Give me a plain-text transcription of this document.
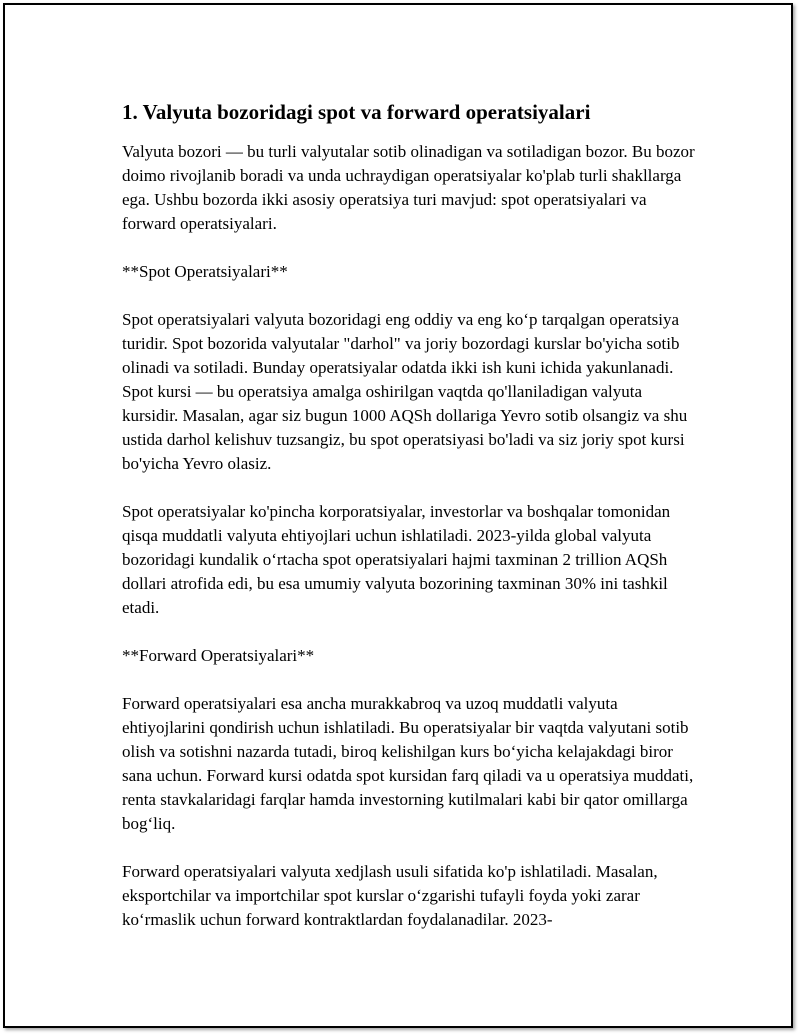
1. Valyuta bozoridagi spot va forward operatsiyalari

Valyuta bozori — bu turli valyutalar sotib olinadigan va sotiladigan bozor. Bu bozor doimo rivojlanib boradi va unda uchraydigan operatsiyalar ko'plab turli shakllarga ega. Ushbu bozorda ikki asosiy operatsiya turi mavjud: spot operatsiyalari va forward operatsiyalari.

**Spot Operatsiyalari**

Spot operatsiyalari valyuta bozoridagi eng oddiy va eng koʻp tarqalgan operatsiya turidir. Spot bozorida valyutalar "darhol" va joriy bozordagi kurslar bo'yicha sotib olinadi va sotiladi. Bunday operatsiyalar odatda ikki ish kuni ichida yakunlanadi. Spot kursi — bu operatsiya amalga oshirilgan vaqtda qo'llaniladigan valyuta kursidir. Masalan, agar siz bugun 1000 AQSh dollariga Yevro sotib olsangiz va shu ustida darhol kelishuv tuzsangiz, bu spot operatsiyasi bo'ladi va siz joriy spot kursi bo'yicha Yevro olasiz.

Spot operatsiyalar ko'pincha korporatsiyalar, investorlar va boshqalar tomonidan qisqa muddatli valyuta ehtiyojlari uchun ishlatiladi. 2023-yilda global valyuta bozoridagi kundalik oʻrtacha spot operatsiyalari hajmi taxminan 2 trillion AQSh dollari atrofida edi, bu esa umumiy valyuta bozorining taxminan 30% ini tashkil etadi.

**Forward Operatsiyalari**

Forward operatsiyalari esa ancha murakkabroq va uzoq muddatli valyuta ehtiyojlarini qondirish uchun ishlatiladi. Bu operatsiyalar bir vaqtda valyutani sotib olish va sotishni nazarda tutadi, biroq kelishilgan kurs boʻyicha kelajakdagi biror sana uchun. Forward kursi odatda spot kursidan farq qiladi va u operatsiya muddati, renta stavkalaridagi farqlar hamda investorning kutilmalari kabi bir qator omillarga bogʻliq.

Forward operatsiyalari valyuta xedjlash usuli sifatida ko'p ishlatiladi. Masalan, eksportchilar va importchilar spot kurslar oʻzgarishi tufayli foyda yoki zarar koʻrmaslik uchun forward kontraktlardan foydalanadilar. 2023-
